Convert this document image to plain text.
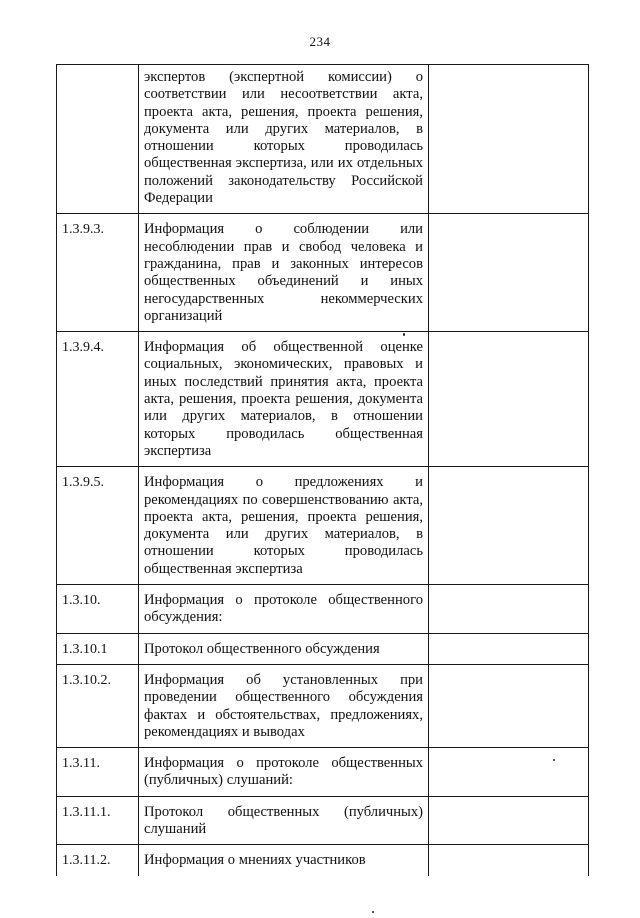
234
	экспертов (экспертной комиссии) о соответствии или несоответствии акта, проекта акта, решения, проекта решения, документа или других материалов, в отношении которых проводилась общественная экспертиза, или их отдельных положений законодательству Российской Федерации	
1.3.9.3.	Информация о соблюдении или несоблюдении прав и свобод человека и гражданина, прав и законных интересов общественных объединений и иных негосударственных некоммерческих организаций	
1.3.9.4.	Информация об общественной оценке социальных, экономических, правовых и иных последствий принятия акта, проекта акта, решения, проекта решения, документа или других материалов, в отношении которых проводилась общественная экспертиза	
1.3.9.5.	Информация о предложениях и рекомендациях по совершенствованию акта, проекта акта, решения, проекта решения, документа или других материалов, в отношении которых проводилась общественная экспертиза	
1.3.10.	Информация о протоколе общественного обсуждения:	
1.3.10.1	Протокол общественного обсуждения	
1.3.10.2.	Информация об установленных при проведении общественного обсуждения фактах и обстоятельствах, предложениях, рекомендациях и выводах	
1.3.11.	Информация о протоколе общественных (публичных) слушаний:	
1.3.11.1.	Протокол общественных (публичных) слушаний	
1.3.11.2.	Информация о мнениях участников	
